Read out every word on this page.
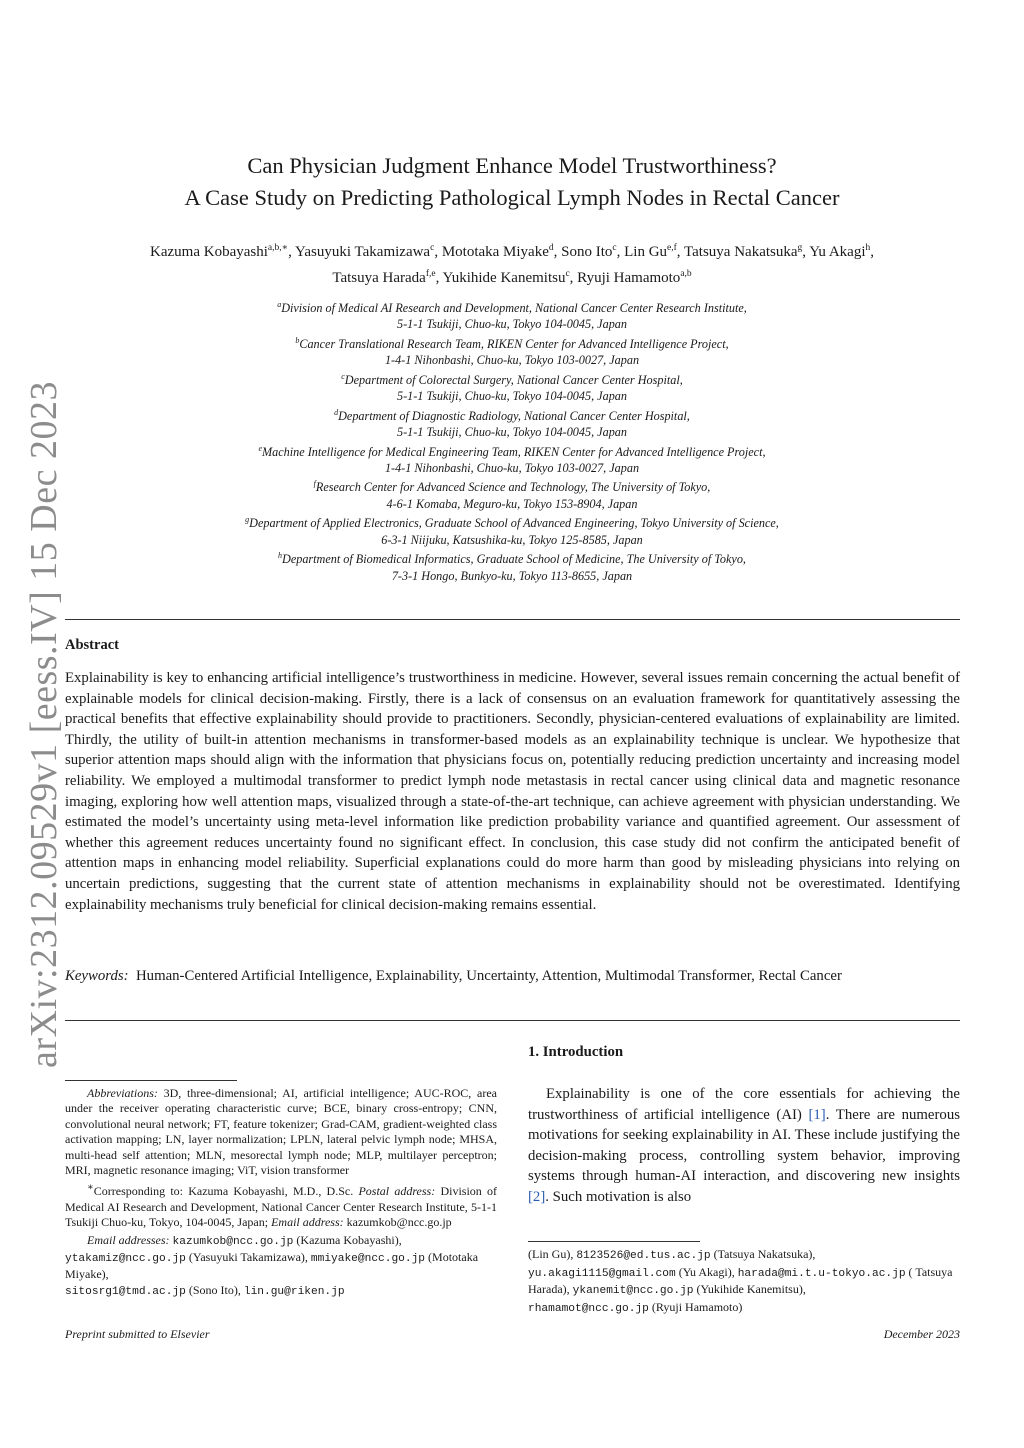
arXiv:2312.09529v1 [eess.IV] 15 Dec 2023
Can Physician Judgment Enhance Model Trustworthiness?
A Case Study on Predicting Pathological Lymph Nodes in Rectal Cancer
Kazuma Kobayashi$^{a,b,∗}$, Yasuyuki Takamizawa$^c$, Mototaka Miyake$^d$, Sono Ito$^c$, Lin Gu$^{e,f}$, Tatsuya Nakatsuka$^g$, Yu Akagi$^h$,
Tatsuya Harada$^{f,e}$, Yukihide Kanemitsu$^c$, Ryuji Hamamoto$^{a,b}$
$^a$Division of Medical AI Research and Development, National Cancer Center Research Institute,
5-1-1 Tsukiji, Chuo-ku, Tokyo 104-0045, Japan
$^b$Cancer Translational Research Team, RIKEN Center for Advanced Intelligence Project,
1-4-1 Nihonbashi, Chuo-ku, Tokyo 103-0027, Japan
$^c$Department of Colorectal Surgery, National Cancer Center Hospital,
5-1-1 Tsukiji, Chuo-ku, Tokyo 104-0045, Japan
$^d$Department of Diagnostic Radiology, National Cancer Center Hospital,
5-1-1 Tsukiji, Chuo-ku, Tokyo 104-0045, Japan
$^e$Machine Intelligence for Medical Engineering Team, RIKEN Center for Advanced Intelligence Project,
1-4-1 Nihonbashi, Chuo-ku, Tokyo 103-0027, Japan
$^f$Research Center for Advanced Science and Technology, The University of Tokyo,
4-6-1 Komaba, Meguro-ku, Tokyo 153-8904, Japan
$^g$Department of Applied Electronics, Graduate School of Advanced Engineering, Tokyo University of Science,
6-3-1 Niijuku, Katsushika-ku, Tokyo 125-8585, Japan
$^h$Department of Biomedical Informatics, Graduate School of Medicine, The University of Tokyo,
7-3-1 Hongo, Bunkyo-ku, Tokyo 113-8655, Japan
Abstract
Explainability is key to enhancing artificial intelligence’s trustworthiness in medicine. However, several issues remain concerning the actual benefit of explainable models for clinical decision-making. Firstly, there is a lack of consensus on an evaluation framework for quantitatively assessing the practical benefits that effective explainability should provide to practitioners. Secondly, physician-centered evaluations of explainability are limited. Thirdly, the utility of built-in attention mechanisms in transformer-based models as an explainability technique is unclear. We hypothesize that superior attention maps should align with the information that physicians focus on, potentially reducing prediction uncertainty and increasing model reliability. We employed a multimodal transformer to predict lymph node metastasis in rectal cancer using clinical data and magnetic resonance imaging, exploring how well attention maps, visualized through a state-of-the-art technique, can achieve agreement with physician understanding. We estimated the model’s uncertainty using meta-level information like prediction probability variance and quantified agreement. Our assessment of whether this agreement reduces uncertainty found no significant effect. In conclusion, this case study did not confirm the anticipated benefit of attention maps in enhancing model reliability. Superficial explanations could do more harm than good by misleading physicians into relying on uncertain predictions, suggesting that the current state of attention mechanisms in explainability should not be overestimated. Identifying explainability mechanisms truly beneficial for clinical decision-making remains essential.
Keywords: Human-Centered Artificial Intelligence, Explainability, Uncertainty, Attention, Multimodal Transformer, Rectal Cancer

Abbreviations: 3D, three-dimensional; AI, artificial intelligence; AUC-ROC, area under the receiver operating characteristic curve; BCE, binary cross-entropy; CNN, convolutional neural network; FT, feature tokenizer; Grad-CAM, gradient-weighted class activation mapping; LN, layer normalization; LPLN, lateral pelvic lymph node; MHSA, multi-head self attention; MLN, mesorectal lymph node; MLP, multilayer perceptron; MRI, magnetic resonance imaging; ViT, vision transformer

∗Corresponding to: Kazuma Kobayashi, M.D., D.Sc. Postal address: Division of Medical AI Research and Development, National Cancer Center Research Institute, 5-1-1 Tsukiji Chuo-ku, Tokyo, 104-0045, Japan; Email address: kazumkob@ncc.go.jp

Email addresses: kazumkob@ncc.go.jp (Kazuma Kobayashi),
ytakamiz@ncc.go.jp (Yasuyuki Takamizawa), mmiyake@ncc.go.jp (Mototaka Miyake),
sitosrg1@tmd.ac.jp (Sono Ito), lin.gu@riken.jp

1. Introduction
Explainability is one of the core essentials for achieving the trustworthiness of artificial intelligence (AI) [1]. There are numerous motivations for seeking explainability in AI. These include justifying the decision-making process, controlling system behavior, improving systems through human-AI interaction, and discovering new insights [2]. Such motivation is also
(Lin Gu), 8123526@ed.tus.ac.jp (Tatsuya Nakatsuka),
yu.akagi1115@gmail.com (Yu Akagi), harada@mi.t.u-tokyo.ac.jp ( Tatsuya Harada), ykanemit@ncc.go.jp (Yukihide Kanemitsu),
rhamamot@ncc.go.jp (Ryuji Hamamoto)
Preprint submitted to Elsevier	December 2023
